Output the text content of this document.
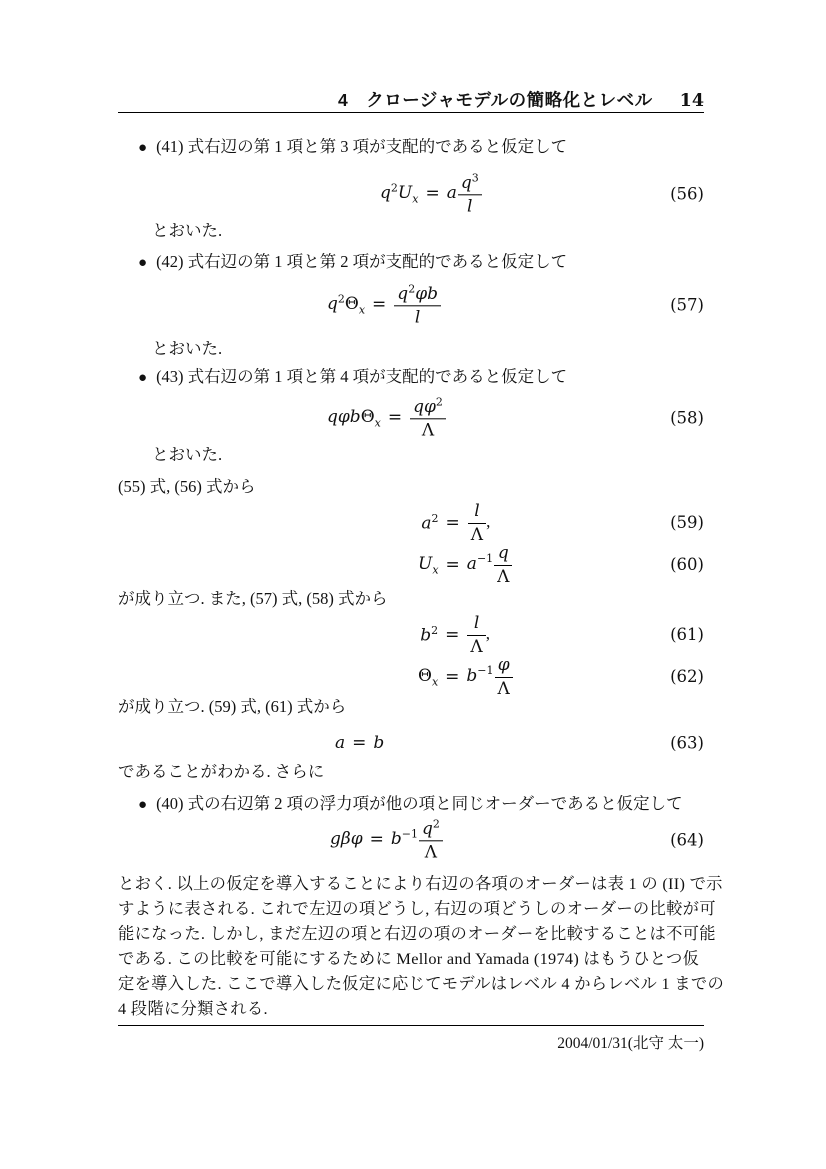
4　クロージャモデルの簡略化とレベル 14
● (41) 式右辺の第 1 項と第 3 項が支配的であると仮定して
$q^2U_x = a \frac{q^3}{l}$	(56)
とおいた.
● (42) 式右辺の第 1 項と第 2 項が支配的であると仮定して
$q^2\Theta_x = \frac{q^2\varphi b}{l}$	(57)
とおいた.
● (43) 式右辺の第 1 項と第 4 項が支配的であると仮定して
$q\varphi b\Theta_x = \frac{q\varphi^2}{\Lambda}$	(58)
とおいた.
(55) 式, (56) 式から
$a^2 = \frac{l}{\Lambda}$ ,
$U_x = a^{-1} \frac{q}{\Lambda}$
(59)
(60)
が成り立つ. また, (57) 式, (58) 式から
$b^2 = \frac{l}{\Lambda}$ ,
$\Theta_x = b^{-1} \frac{\varphi}{\Lambda}$
(61)
(62)
が成り立つ. (59) 式, (61) 式から
a = b	(63)
であることがわかる. さらに
● (40) 式の右辺第 2 項の浮力項が他の項と同じオーダーであると仮定して
$g\beta\varphi = b^{-1} \frac{q^2}{\Lambda}$	(64)
とおく. 以上の仮定を導入することにより右辺の各項のオーダーは表 1 の (II) で示
すように表される. これで左辺の項どうし, 右辺の項どうしのオーダーの比較が可
能になった. しかし, まだ左辺の項と右辺の項のオーダーを比較することは不可能
である. この比較を可能にするために Mellor and Yamada (1974) はもうひとつ仮
定を導入した. ここで導入した仮定に応じてモデルはレベル 4 からレベル 1 までの
4 段階に分類される.
2004/01/31(北守 太一)
